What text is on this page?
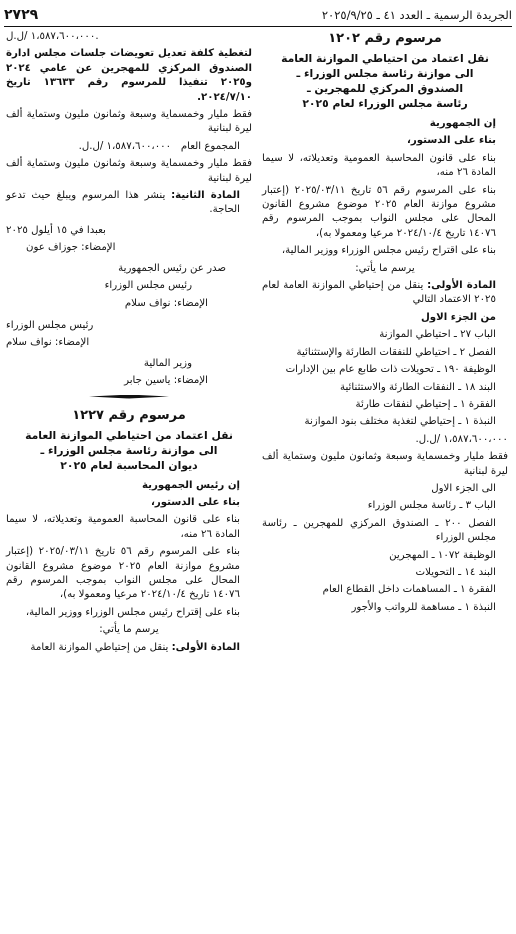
الجريدة الرسمية ـ العدد ٤١ ـ ٢٠٢٥/٩/٢٥
٢٧٢٩

مرسوم رقم ١٢٠٢

نقل اعتماد من احتياطي الموازنة العامة

الى موازنة رئاسة مجلس الوزراء ـ

الصندوق المركزي للمهجرين ـ

رئاسة مجلس الوزراء لعام ٢٠٢٥

إن الجمهورية

بناء على الدستور،

بناء على قانون المحاسبة العمومية وتعديلاته، لا سيما المادة ٢٦ منه،

بناء على المرسوم رقم ٥٦ تاريخ ٢٠٢٥/٠٣/١١ (إعتبار مشروع موازنة العام ٢٠٢٥ موضوع مشروع القانون المحال على مجلس النواب بموجب المرسوم رقم ١٤٠٧٦ تاريخ ٢٠٢٤/١٠/٤ مرعيا ومعمولا به)،

بناء على اقتراح رئيس مجلس الوزراء ووزير المالية،

يرسم ما يأتي:

المادة الأولى: ينقل من إحتياطي الموازنة العامة لعام ٢٠٢٥ الاعتماد التالي

من الجزء الاول

الباب ٢٧ ـ احتياطي الموازنة

الفصل ٢ ـ احتياطي للنفقات الطارئة والإستثنائية

الوظيفة ١٩٠ ـ تحويلات ذات طابع عام بين الإدارات

البند ١٨ ـ النفقات الطارئة والاستثنائية

الفقرة ١ ـ إحتياطي لنفقات طارئة

النبذة ١ ـ إحتياطي لتغذية مختلف بنود الموازنة

١،٥٨٧،٦٠٠،٠٠٠ /ل.ل.

فقط مليار وخمسماية وسبعة وثمانون مليون وستماية ألف ليرة لبنانية

الى الجزء الاول

الباب ٣ ـ رئاسة مجلس الوزراء

الفصل ٢٠٠ ـ الصندوق المركزي للمهجرين ـ رئاسة مجلس الوزراء

الوظيفة ١٠٧٢ ـ المهجرين

البند ١٤ ـ التحويلات

الفقرة ١ ـ المساهمات داخل القطاع العام

النبذة ١ ـ مساهمة للرواتب والأجور

١،٥٨٧،٦٠٠،٠٠٠ /ل.ل.

لتغطية كلفة تعديل تعويضات جلسات مجلس ادارة الصندوق المركزي للمهجرين عن عامي ٢٠٢٤ و٢٠٢٥ تنفيذا للمرسوم رقم ١٣٦٣٣ تاريخ ٢٠٢٤/٧/١٠.

فقط مليار وخمسماية وسبعة وثمانون مليون وستماية ألف ليرة لبنانية

المجموع العام   ١،٥٨٧،٦٠٠،٠٠٠ /ل.ل.

فقط مليار وخمسماية وسبعة وثمانون مليون وستماية ألف ليرة لبنانية

المادة الثانية: ينشر هذا المرسوم ويبلغ حيث تدعو الحاجة.

بعبدا في ١٥ أيلول ٢٠٢٥

الإمضاء: جوزاف عون

صدر عن رئيس الجمهورية

رئيس مجلس الوزراء

الإمضاء: نواف سلام

رئيس مجلس الوزراء

الإمضاء: نواف سلام

وزير المالية

الإمضاء: ياسين جابر

مرسوم رقم ١٢٢٧

نقل اعتماد من احتياطي الموازنة العامة

الى موازنة رئاسة مجلس الوزراء ـ

ديوان المحاسبة لعام ٢٠٢٥

إن رئيس الجمهورية

بناء على الدستور،

بناء على قانون المحاسبة العمومية وتعديلاته، لا سيما المادة ٢٦ منه،

بناء على المرسوم رقم ٥٦ تاريخ ٢٠٢٥/٠٣/١١ (إعتبار مشروع موازنة العام ٢٠٢٥ موضوع مشروع القانون المحال على مجلس النواب بموجب المرسوم رقم ١٤٠٧٦ تاريخ ٢٠٢٤/١٠/٤ مرعيا ومعمولا به)،

بناء على إقتراح رئيس مجلس الوزراء ووزير المالية،

يرسم ما يأتي:

المادة الأولى: ينقل من إحتياطي الموازنة العامة
